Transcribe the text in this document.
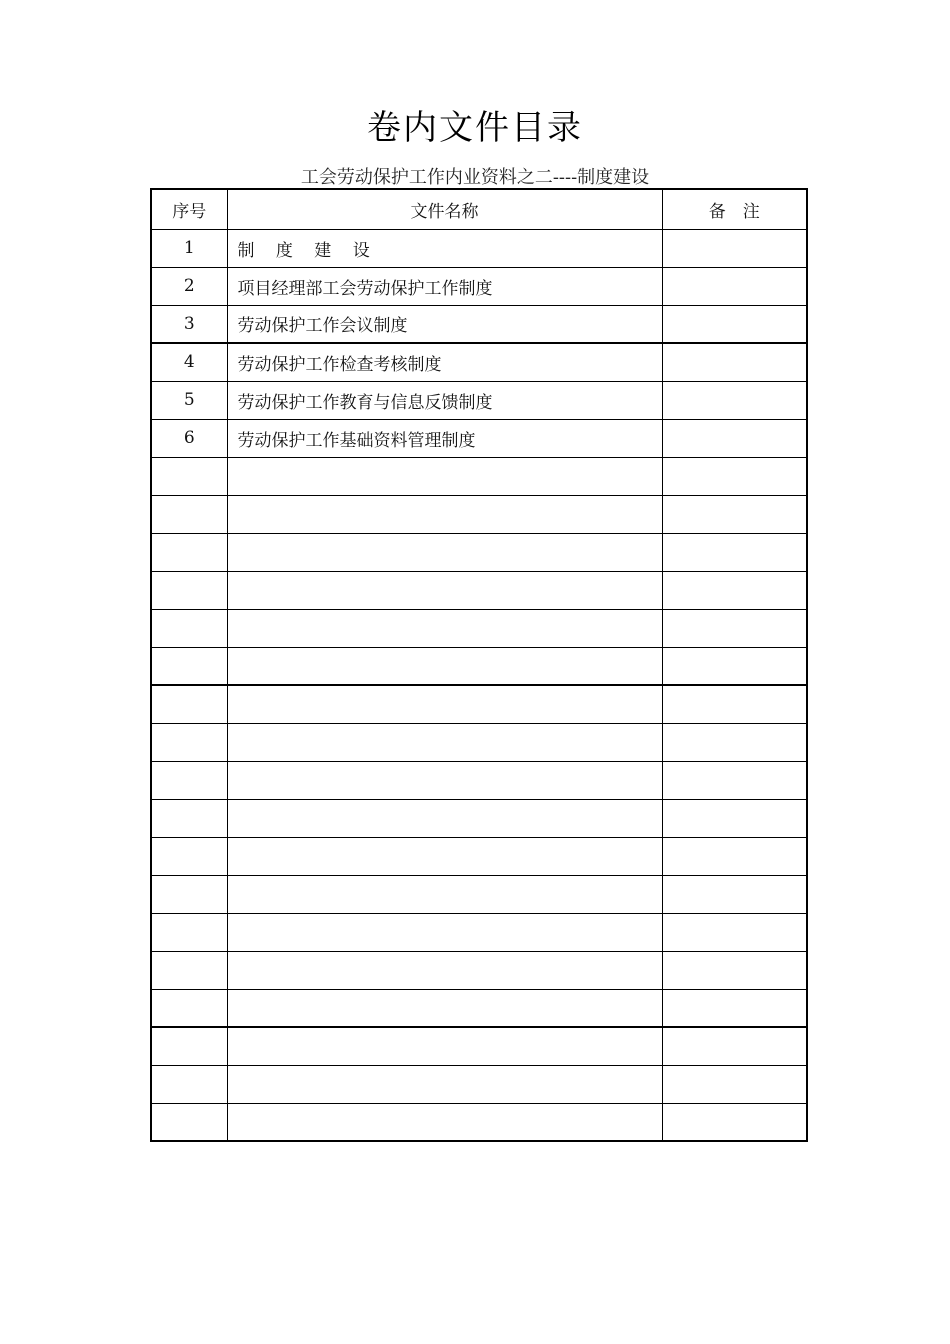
卷内文件目录
工会劳动保护工作内业资料之二----制度建设
序号	文件名称	备　注
1	制 度 建 设	
2	项目经理部工会劳动保护工作制度	
3	劳动保护工作会议制度	
4	劳动保护工作检查考核制度	
5	劳动保护工作教育与信息反馈制度	
6	劳动保护工作基础资料管理制度	
